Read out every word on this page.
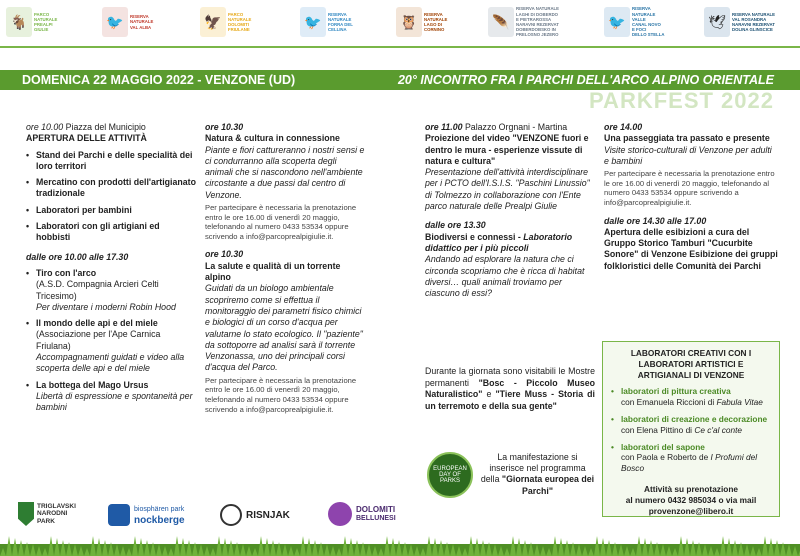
🐐	PARCO
NATURALE
PREALPI
GIULIE
🐦	RISERVA
NATURALE
VAL ALBA	🦅	PARCO
NATURALE
DOLOMITI
FRIULANE
🐦	RISERVA
NATURALE
FORRA DEL
CELLINA
🦉	RISERVA
NATURALE
LAGO DI
CORNINO
🪶
RISERVA NATURALE
LAGHI DI DOBERDO
E PIETRAROSSA
NARAVNI REZERVAT
DOBERDOBSKO IN
PRELOSNO JEZERO
🐦
RISERVA
NATURALE
VALLE
CANAL NOVO
E FOCI
DELLO STELLA
🕊	RISERVA NATURALE
VAL ROSANDRA
NARAVNI REZERVAT
DOLINA GLINSCICE
DOMENICA 22 MAGGIO 2022 - VENZONE (UD)	20° INCONTRO FRA I PARCHI DELL'ARCO ALPINO ORIENTALE
PARKFEST 2022
ore 10.00 Piazza del Municipio
APERTURA DELLE ATTIVITÀ
• Stand dei Parchi e delle specialità dei loro territori
• Mercatino con prodotti dell'artigianato tradizionale
• Laboratori per bambini
• Laboratori con gli artigiani ed hobbisti
dalle ore 10.00 alle 17.30
• Tiro con l'arco
(A.S.D. Compagnia Arcieri Celti Tricesimo)
Per diventare i moderni Robin Hood
• Il mondo delle api e del miele
(Associazione per l'Ape Carnica Friulana)
Accompagnamenti guidati e video alla scoperta delle api e del miele
• La bottega del Mago Ursus
Libertà di espressione e spontaneità per bambini
ore 10.30
Natura & cultura in connessione
Piante e fiori cattureranno i nostri sensi e ci condurranno alla scoperta degli animali che si nascondono nell'ambiente circostante a due passi dal centro di Venzone.
Per partecipare è necessaria la prenotazione entro le ore 16.00 di venerdì 20 maggio, telefonando al numero 0433 53534 oppure scrivendo a info@parcoprealpigiulie.it.
ore 10.30
La salute e qualità di un torrente alpino
Guidati da un biologo ambientale scopriremo come si effettua il monitoraggio dei parametri fisico chimici e biologici di un corso d'acqua per valutarne lo stato ecologico. Il "paziente" da sottoporre ad analisi sarà il torrente Venzonassa, uno dei principali corsi d'acqua del Parco.
Per partecipare è necessaria la prenotazione entro le ore 16.00 di venerdì 20 maggio, telefonando al numero 0433 53534 oppure scrivendo a info@parcoprealpigiulie.it.
ore 11.00 Palazzo Orgnani - Martina
Proiezione del video "VENZONE fuori e dentro le mura - esperienze vissute di natura e cultura"
Presentazione dell'attività interdisciplinare per i PCTO dell'I.S.I.S. "Paschini Linussio" di Tolmezzo in collaborazione con l'Ente parco naturale delle Prealpi Giulie
dalle ore 13.30
Biodiversi e connessi - Laboratorio didattico per i più piccoli
Andando ad esplorare la natura che ci circonda scopriamo che è ricca di habitat diversi… quali animali troviamo per ciascuno di essi?
Durante la giornata sono visitabili le Mostre permanenti "Bosc - Piccolo Museo Naturalistico" e "Tiere Muss - Storia di un terremoto e della sua gente"
EUROPEAN DAY OF PARKS
La manifestazione si inserisce nel programma della "Giornata europea dei Parchi"
ore 14.00
Una passeggiata tra passato e presente
Visite storico-culturali di Venzone per adulti e bambini
Per partecipare è necessaria la prenotazione entro le ore 16.00 di venerdì 20 maggio, telefonando al numero 0433 53534 oppure scrivendo a info@parcoprealpigiulie.it.
dalle ore 14.30 alle 17.00
Apertura delle esibizioni a cura del Gruppo Storico Tamburi "Cucurbite Sonore" di Venzone Esibizione dei gruppi folkloristici delle Comunità dei Parchi
LABORATORI CREATIVI CON I LABORATORI ARTISTICI E ARTIGIANALI DI VENZONE
• laboratori di pittura creativa
con Emanuela Riccioni di Fabula Vitae
• laboratori di creazione e decorazione
con Elena Pittino di Ce c'al conte
• laboratori del sapone
con Paola e Roberto de I Profumi del Bosco
Attività su prenotazione
al numero 0432 985034 o via mail
provenzone@libero.it
TRIGLAVSKI NARODNI PARK
biosphären park
nockberge	RISNJAK	DOLOMITI
BELLUNESI
